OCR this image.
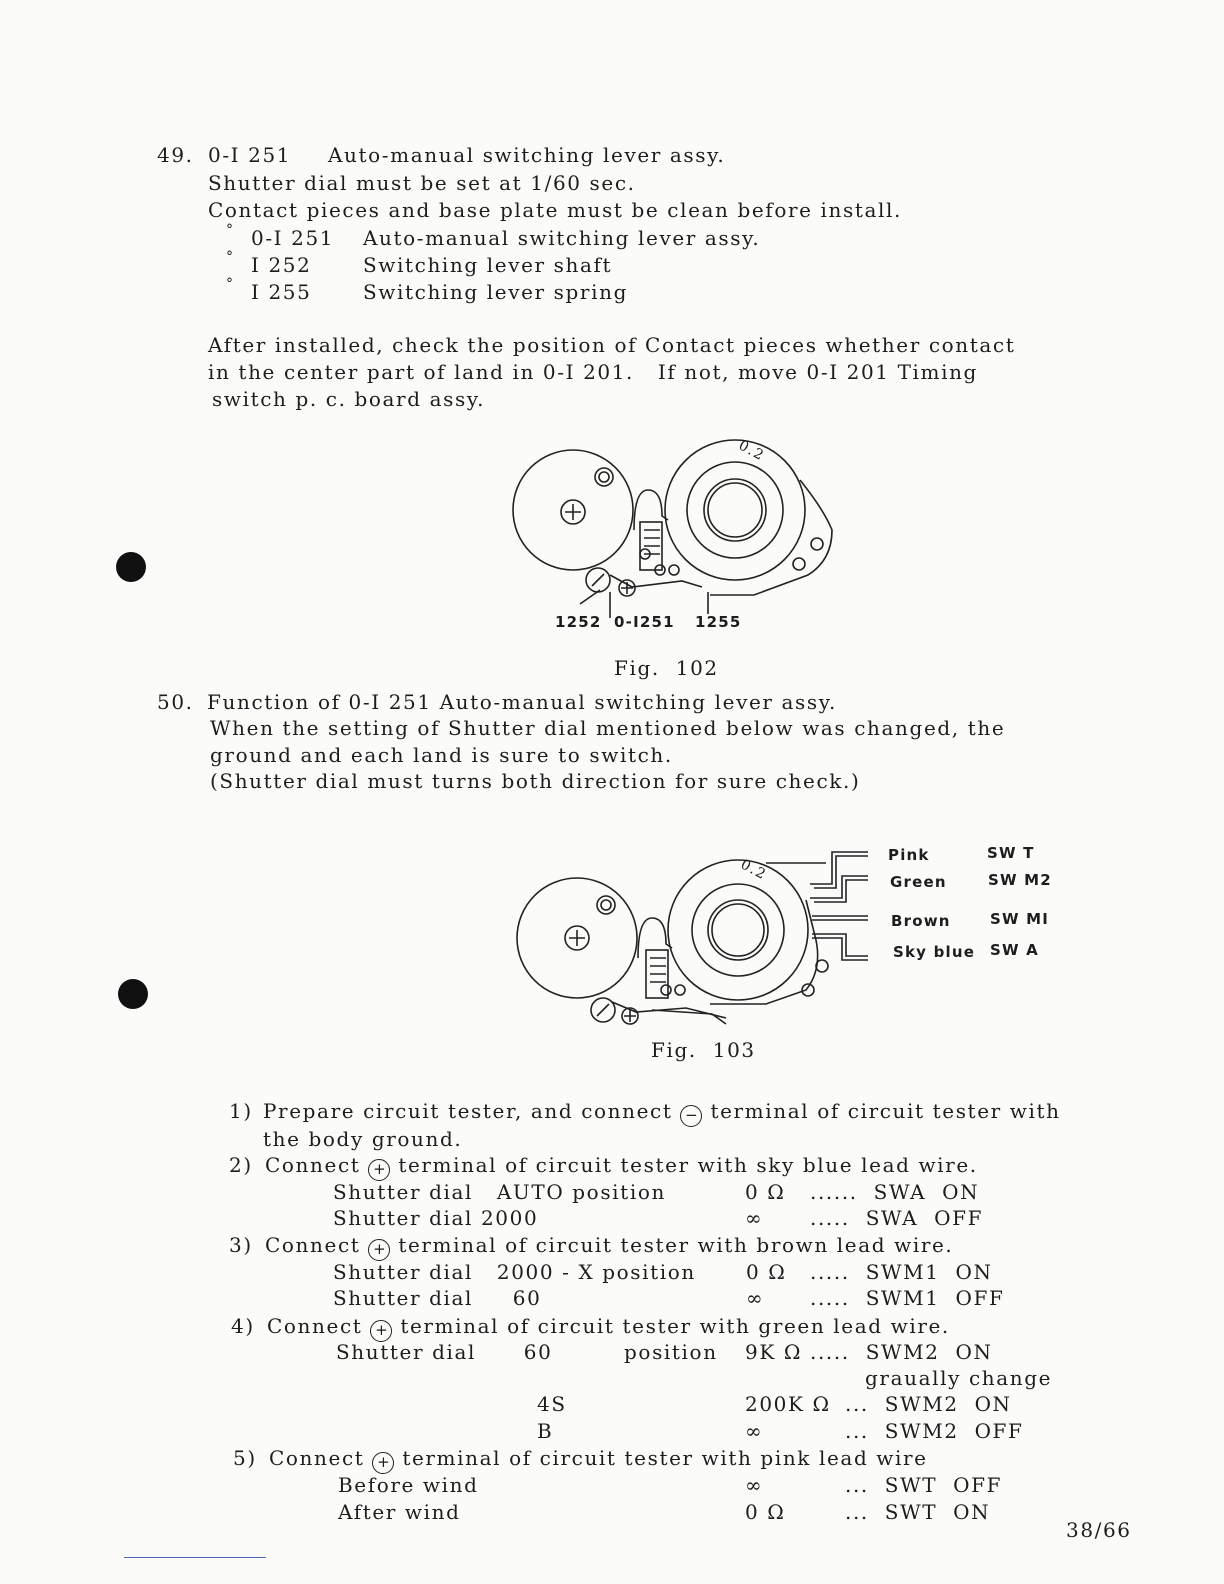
49. 0-I 251 Auto-manual switching lever assy.
Shutter dial must be set at 1/60 sec.
Contact pieces and base plate must be clean before install.
° 0-I 251 Auto-manual switching lever assy.
° I 252	Switching lever shaft
° I 255	Switching lever spring
After installed, check the position of Contact pieces whether contact
in the center part of land in 0-I 201.   If not, move 0-I 201 Timing
switch p. c. board assy.
0.2
1252 0-I251 1255
Fig.  102
50. Function of 0-I 251 Auto-manual switching lever assy.
When the setting of Shutter dial mentioned below was changed, the
ground and each land is sure to switch.
(Shutter dial must turns both direction for sure check.)
0.2
Pink	SW T
Green	SW M2
Brown	SW MI
Sky blue SW A
Fig.  103
1) Prepare circuit tester, and connect − terminal of circuit tester with
the body ground.
2) Connect + terminal of circuit tester with sky blue lead wire.
Shutter dial   AUTO position	0 Ω ......  SWA  ON
Shutter dial 2000	∞ .....  SWA  OFF
3) Connect + terminal of circuit tester with brown lead wire.
Shutter dial   2000 - X position	0 Ω .....  SWM1  ON
Shutter dial     60	∞ .....  SWM1  OFF
4) Connect + terminal of circuit tester with green lead wire.
Shutter dial      60         position 9K Ω .....  SWM2  ON
graually change
4S	200K Ω ...  SWM2  ON
B	∞	...  SWM2  OFF
5) Connect + terminal of circuit tester with pink lead wire
Before wind	∞	...  SWT  OFF
After wind	0 Ω	...  SWT  ON
38/66
